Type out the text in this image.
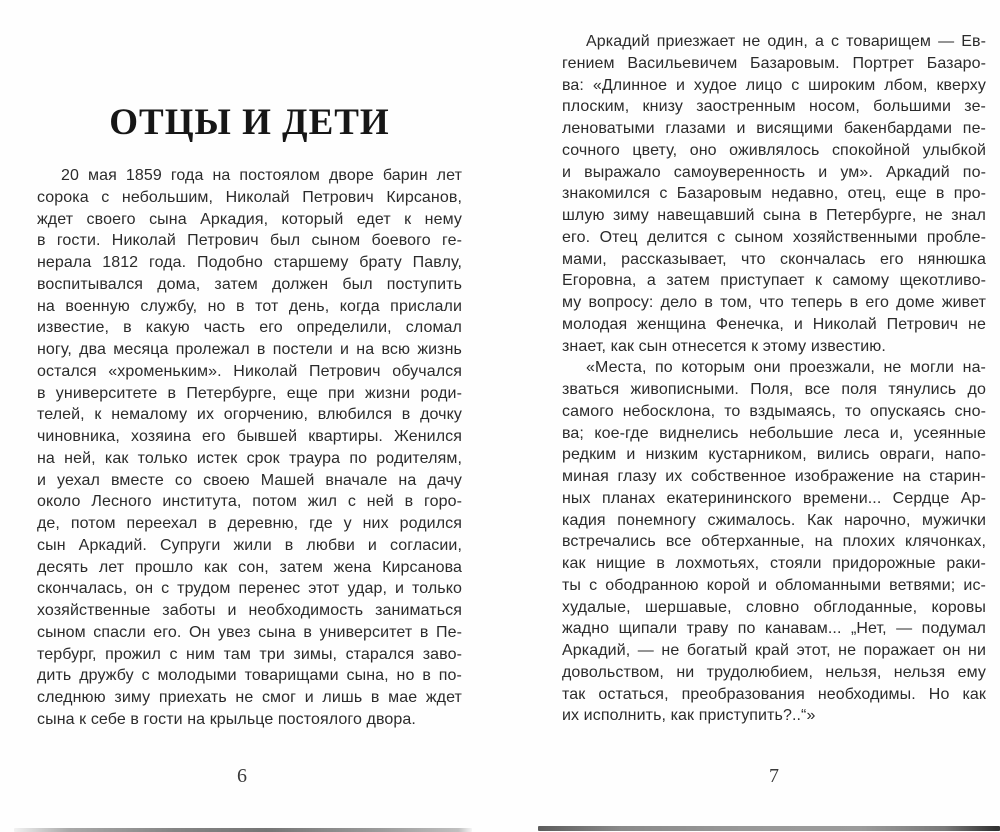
ОТЦЫ И ДЕТИ
20 мая 1859 года на постоялом дворе барин лет
сорока с небольшим, Николай Петрович Кирсанов,
ждет своего сына Аркадия, который едет к нему
в гости. Николай Петрович был сыном боевого ге-
нерала 1812 года. Подобно старшему брату Павлу,
воспитывался дома, затем должен был поступить
на военную службу, но в тот день, когда прислали
известие, в какую часть его определили, сломал
ногу, два месяца пролежал в постели и на всю жизнь
остался «хроменьким». Николай Петрович обучался
в университете в Петербурге, еще при жизни роди-
телей, к немалому их огорчению, влюбился в дочку
чиновника, хозяина его бывшей квартиры. Женился
на ней, как только истек срок траура по родителям,
и уехал вместе со своею Машей вначале на дачу
около Лесного института, потом жил с ней в горо-
де, потом переехал в деревню, где у них родился
сын Аркадий. Супруги жили в любви и согласии,
десять лет прошло как сон, затем жена Кирсанова
скончалась, он с трудом перенес этот удар, и только
хозяйственные заботы и необходимость заниматься
сыном спасли его. Он увез сына в университет в Пе-
тербург, прожил с ним там три зимы, старался заво-
дить дружбу с молодыми товарищами сына, но в по-
следнюю зиму приехать не смог и лишь в мае ждет
сына к себе в гости на крыльце постоялого двора.
Аркадий приезжает не один, а с товарищем — Ев-
гением Васильевичем Базаровым. Портрет Базаро-
ва: «Длинное и худое лицо с широким лбом, кверху
плоским, книзу заостренным носом, большими зе-
леноватыми глазами и висящими бакенбардами пе-
сочного цвету, оно оживлялось спокойной улыбкой
и выражало самоуверенность и ум». Аркадий по-
знакомился с Базаровым недавно, отец, еще в про-
шлую зиму навещавший сына в Петербурге, не знал
его. Отец делится с сыном хозяйственными пробле-
мами, рассказывает, что скончалась его нянюшка
Егоровна, а затем приступает к самому щекотливо-
му вопросу: дело в том, что теперь в его доме живет
молодая женщина Фенечка, и Николай Петрович не
знает, как сын отнесется к этому известию.
«Места, по которым они проезжали, не могли на-
зваться живописными. Поля, все поля тянулись до
самого небосклона, то вздымаясь, то опускаясь сно-
ва; кое-где виднелись небольшие леса и, усеянные
редким и низким кустарником, вились овраги, напо-
миная глазу их собственное изображение на старин-
ных планах екатерининского времени... Сердце Ар-
кадия понемногу сжималось. Как нарочно, мужички
встречались все обтерханные, на плохих клячонках,
как нищие в лохмотьях, стояли придорожные раки-
ты с ободранною корой и обломанными ветвями; ис-
худалые, шершавые, словно обглоданные, коровы
жадно щипали траву по канавам... „Нет, — подумал
Аркадий, — не богатый край этот, не поражает он ни
довольством, ни трудолюбием, нельзя, нельзя ему
так остаться, преобразования необходимы. Но как
их исполнить, как приступить?..“»
6	7
